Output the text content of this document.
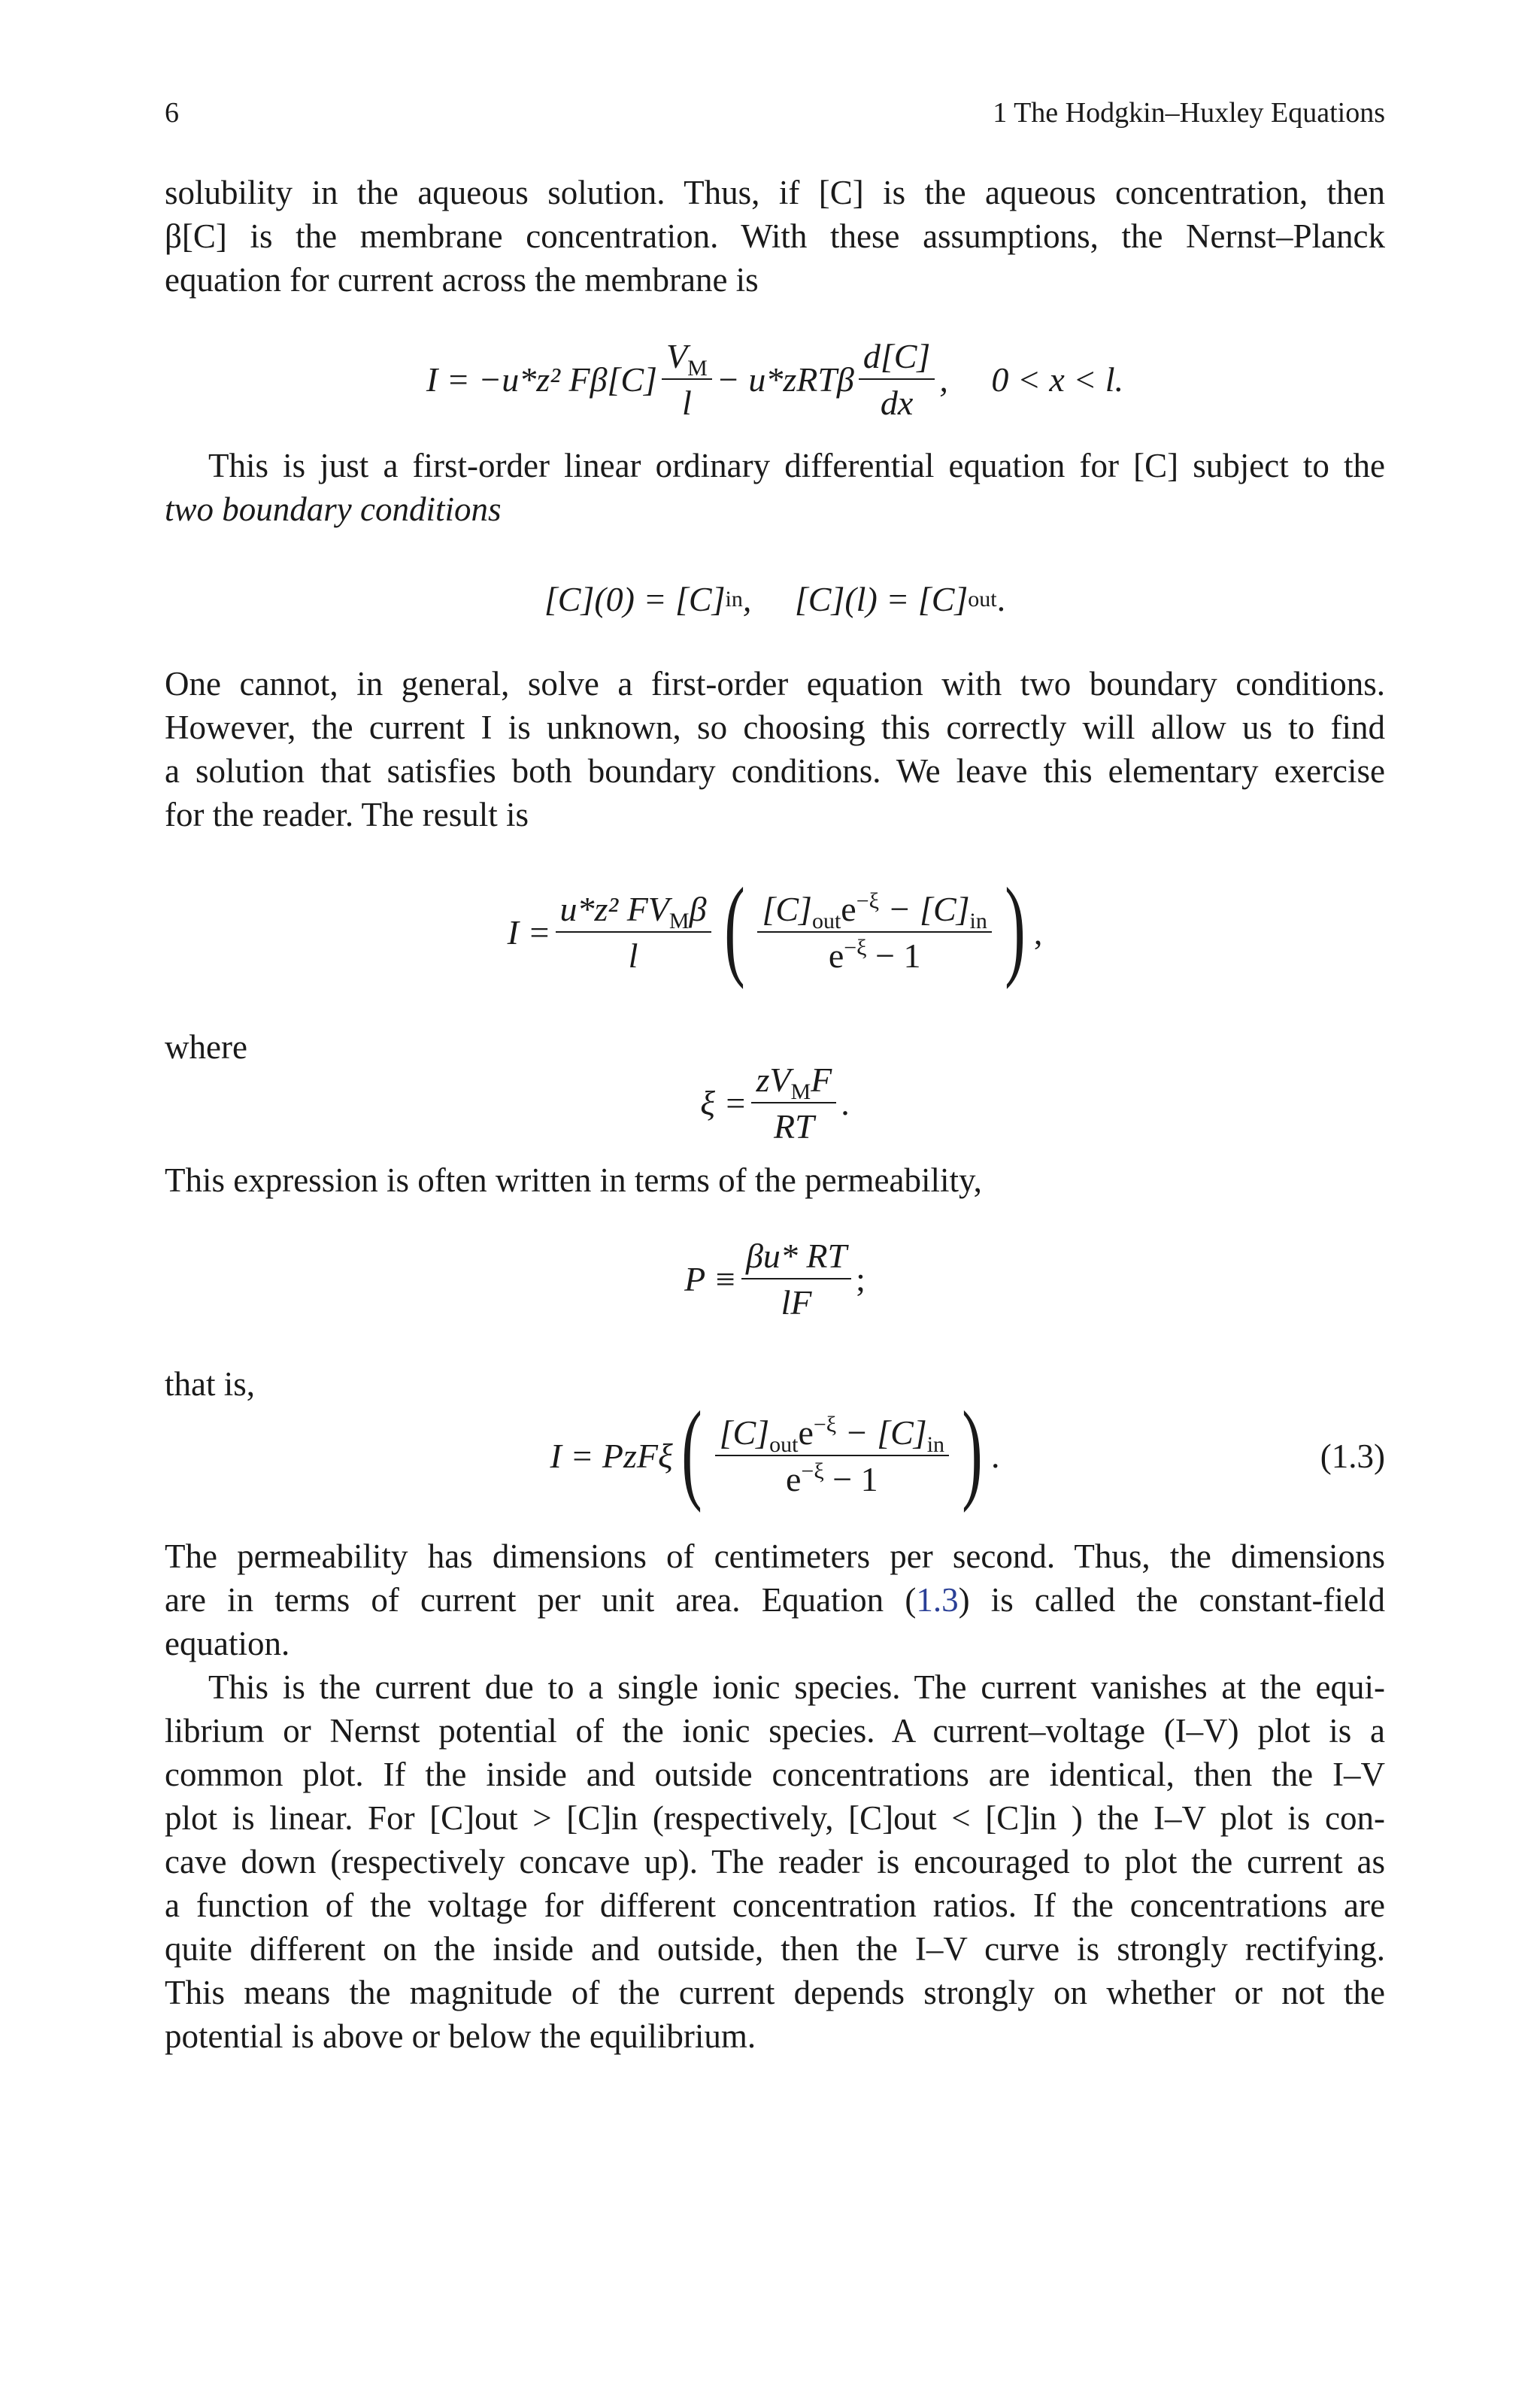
6	1 The Hodgkin–Huxley Equations
solubility in the aqueous solution. Thus, if [C] is the aqueous concentration, then
β[C] is the membrane concentration. With these assumptions, the Nernst–Planck
equation for current across the membrane is
I = −u*z² $F\beta[C] \frac{V_M}{l} - u*zRT\beta \frac{d[C]}{dx}$ ,     0 < x < l.
This is just a first-order linear ordinary differential equation for [C] subject to the
two boundary conditions
[C](0) = [C] in ,     [C](l) = [C] out .
One cannot, in general, solve a first-order equation with two boundary conditions.
However, the current I is unknown, so choosing this correctly will allow us to find
a solution that satisfies both boundary conditions. We leave this elementary exercise
for the reader. The result is
$I = \frac{u*z^2 FV_M\beta}{l}$ ( $\frac{[C]_{out}e^{-\xi} - [C]_{in}}{e^{-\xi} - 1}$ ) ,
where
$\xi = \frac{zV_MF}{RT}$ .
This expression is often written in terms of the permeability,
$P \equiv \frac{\beta u* RT}{lF}$ ;
that is,
I = PzFξ ( $\frac{[C]_{out}e^{-\xi} - [C]_{in}}{e^{-\xi} - 1}$ ) .	(1.3)
The permeability has dimensions of centimeters per second. Thus, the dimensions
are in terms of current per unit area. Equation (1.3) is called the constant-field
equation.
This is the current due to a single ionic species. The current vanishes at the equi-
librium or Nernst potential of the ionic species. A current–voltage (I–V) plot is a
common plot. If the inside and outside concentrations are identical, then the I–V
plot is linear. For [C]out > [C]in (respectively, [C]out < [C]in ) the I–V plot is con-
cave down (respectively concave up). The reader is encouraged to plot the current as
a function of the voltage for different concentration ratios. If the concentrations are
quite different on the inside and outside, then the I–V curve is strongly rectifying.
This means the magnitude of the current depends strongly on whether or not the
potential is above or below the equilibrium.
